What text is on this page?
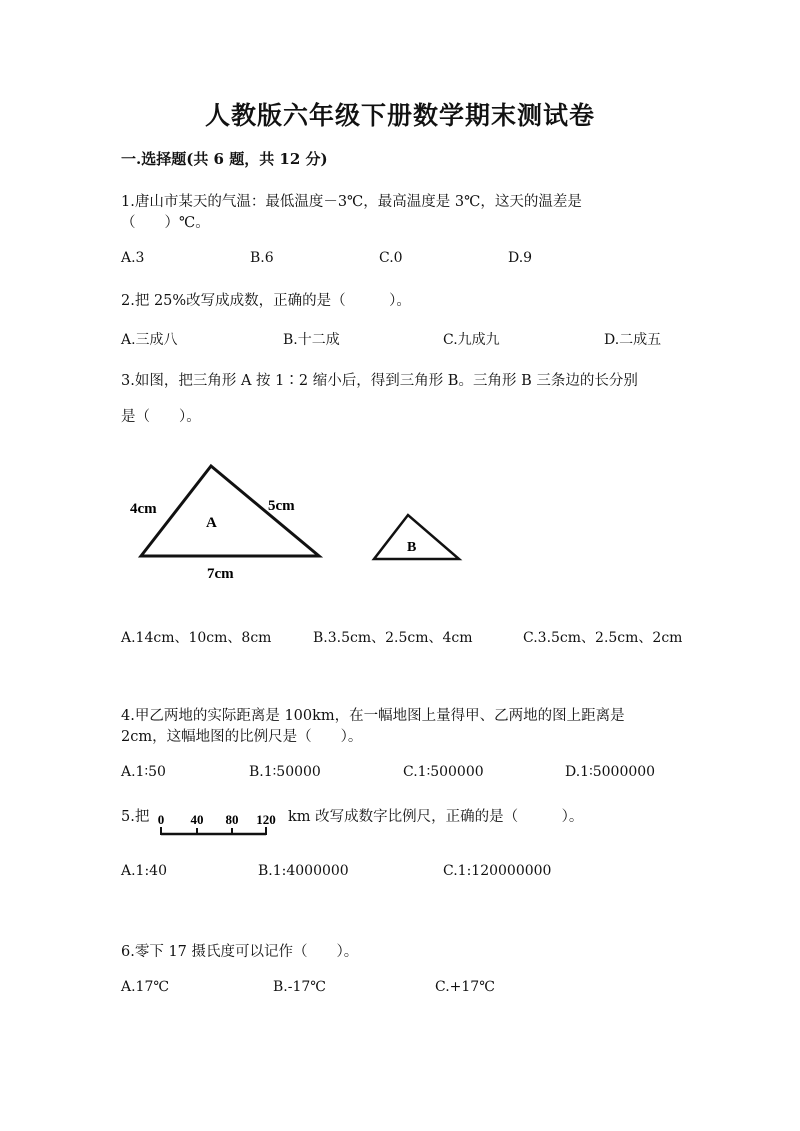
人教版六年级下册数学期末测试卷
一.选择题(共 6 题，共 12 分)
1.唐山市某天的气温：最低温度－3℃，最高温度是 3℃，这天的温差是
（　　）℃。
A.3	B.6	C.0	D.9
2.把 25%改写成成数，正确的是（　　　）。
A.三成八	B.十二成	C.九成九	D.二成五
3.如图，把三角形 A 按 1∶2 缩小后，得到三角形 B。三角形 B 三条边的长分别
是（　　）。
4cm	5cm
7cm
A
B
A.14cm、10cm、8cm	B.3.5cm、2.5cm、4cm	C.3.5cm、2.5cm、2cm
4.甲乙两地的实际距离是 100km，在一幅地图上量得甲、乙两地的图上距离是
2cm，这幅地图的比例尺是（　　）。
A.1∶50	B.1∶50000	C.1∶500000	D.1∶5000000
5.把 0 40 80 120 km 改写成数字比例尺，正确的是（　　　）。
A.1:40	B.1:4000000	C.1:120000000
6.零下 17 摄氏度可以记作（　　）。
A.17℃	B.-17℃	C.+17℃
